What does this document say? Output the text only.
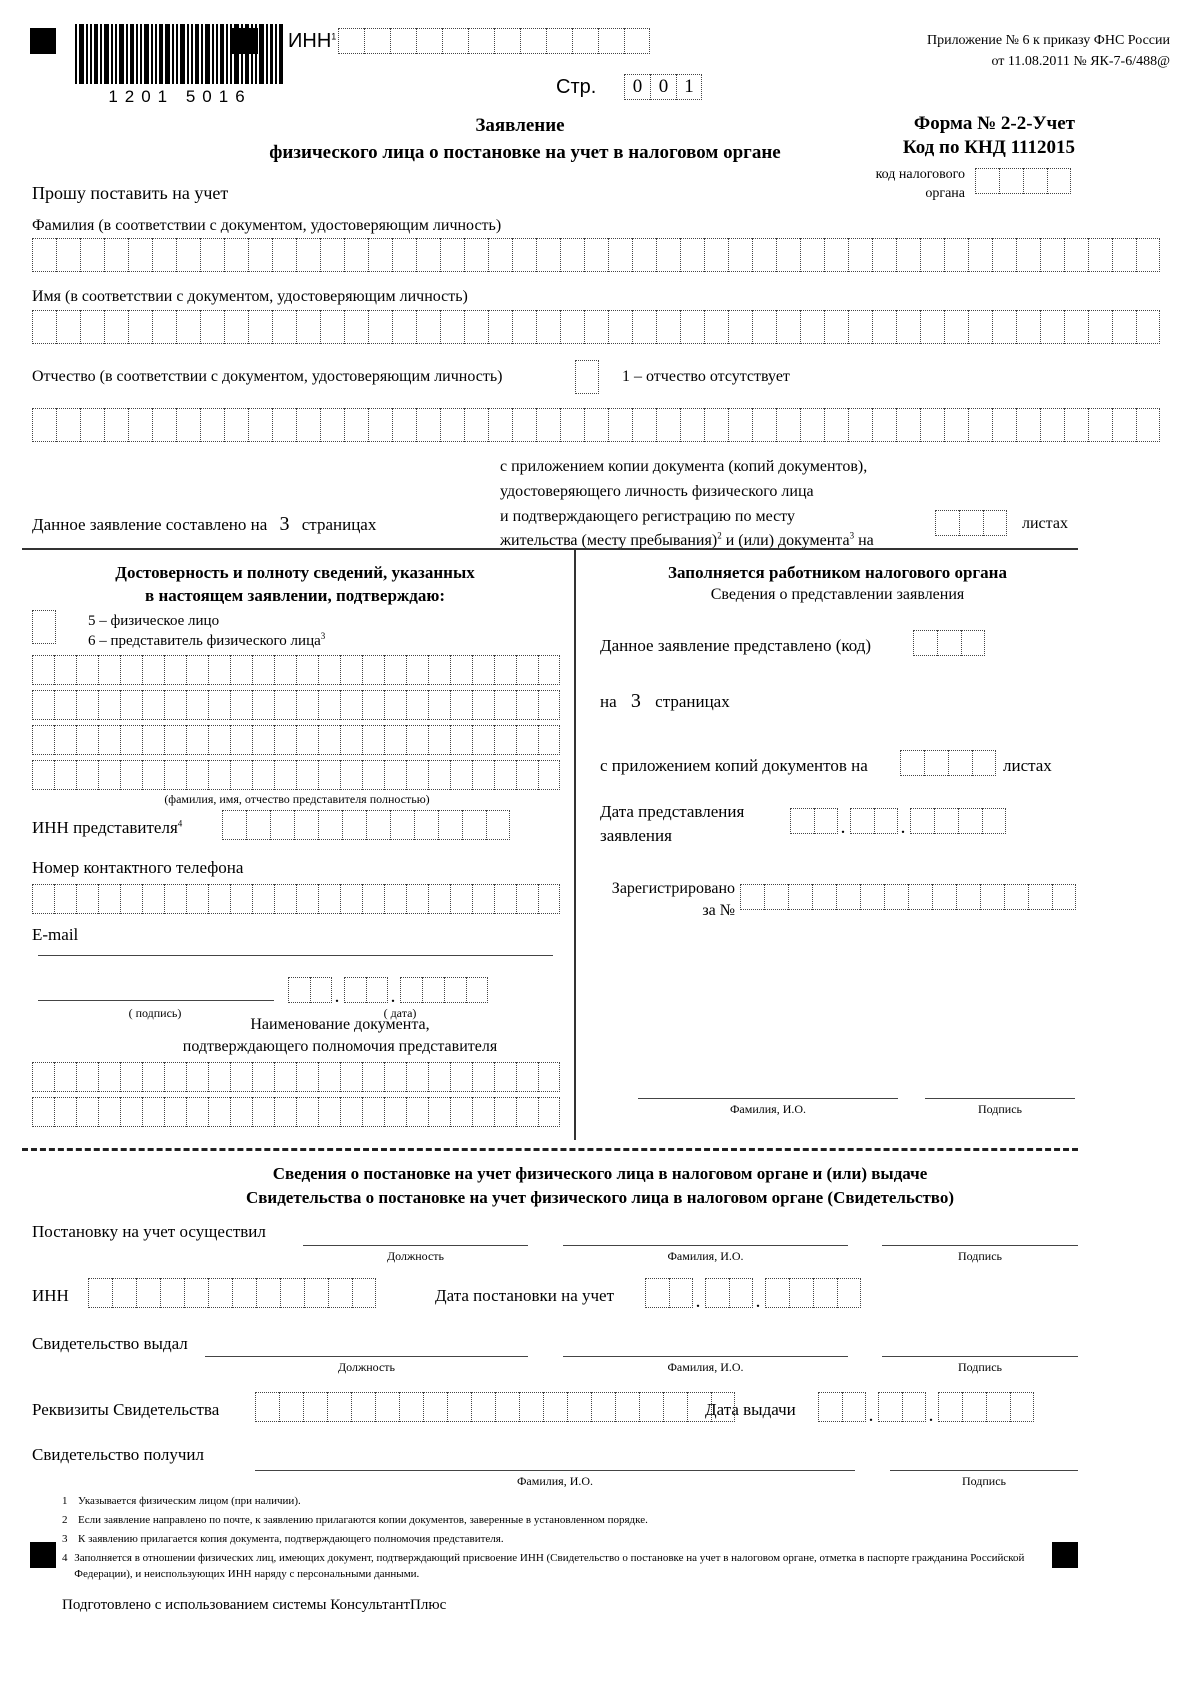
1201 5016
ИНН$^1$
Стр.	0 0 1
Приложение № 6 к приказу ФНС России
от 11.08.2011 № ЯК-7-6/488@
Заявление
физического лица о постановке на учет в налоговом органе
Форма № 2-2-Учет
Код по КНД 1112015
код налогового
органа
Прошу поставить на учет
Фамилия (в соответствии с документом, удостоверяющим личность)
Имя (в соответствии с документом, удостоверяющим личность)
Отчество (в соответствии с документом, удостоверяющим личность)	1 – отчество отсутствует
Данное заявление составлено на 3 страницах
с приложением копии документа (копий документов),
удостоверяющего личность физического лица
и подтверждающего регистрацию по месту
жительства (месту пребывания)$^2$ и (или) документа$^3$ на
листах
Достоверность и полноту сведений, указанных
в настоящем заявлении, подтверждаю:
5 – физическое лицо
6 – представитель физического лица$^3$
(фамилия, имя, отчество представителя полностью)
ИНН представителя$^4$
Номер контактного телефона
E-mail
( подпись)
.	.
( дата)
Наименование документа,
подтверждающего полномочия представителя
Заполняется работником налогового органа
Сведения о представлении заявления
Данное заявление представлено (код)
на 3 страницах
с приложением копий документов на	листах
Дата представления
заявления	.	.
Зарегистрировано
за №
Фамилия, И.О.	Подпись
Сведения о постановке на учет физического лица в налоговом органе и (или) выдаче
Свидетельства о постановке на учет физического лица в налоговом органе (Свидетельство)
Постановку на учет осуществил
Должность	Фамилия, И.О.	Подпись
ИНН	Дата постановки на учет	.	.
Свидетельство выдал
Должность	Фамилия, И.О.	Подпись
Реквизиты Свидетельства	Дата выдачи	.	.
Свидетельство получил
Фамилия, И.О.	Подпись
1 Указывается физическим лицом (при наличии).
2 Если заявление направлено по почте, к заявлению прилагаются копии документов, заверенные в установленном порядке.
3 К заявлению прилагается копия документа, подтверждающего полномочия представителя.
4 Заполняется в отношении физических лиц, имеющих документ, подтверждающий присвоение ИНН (Свидетельство о постановке на учет в налоговом органе, отметка в паспорте гражданина Российской Федерации), и неиспользующих ИНН наряду с персональными данными.
Подготовлено с использованием системы КонсультантПлюс
